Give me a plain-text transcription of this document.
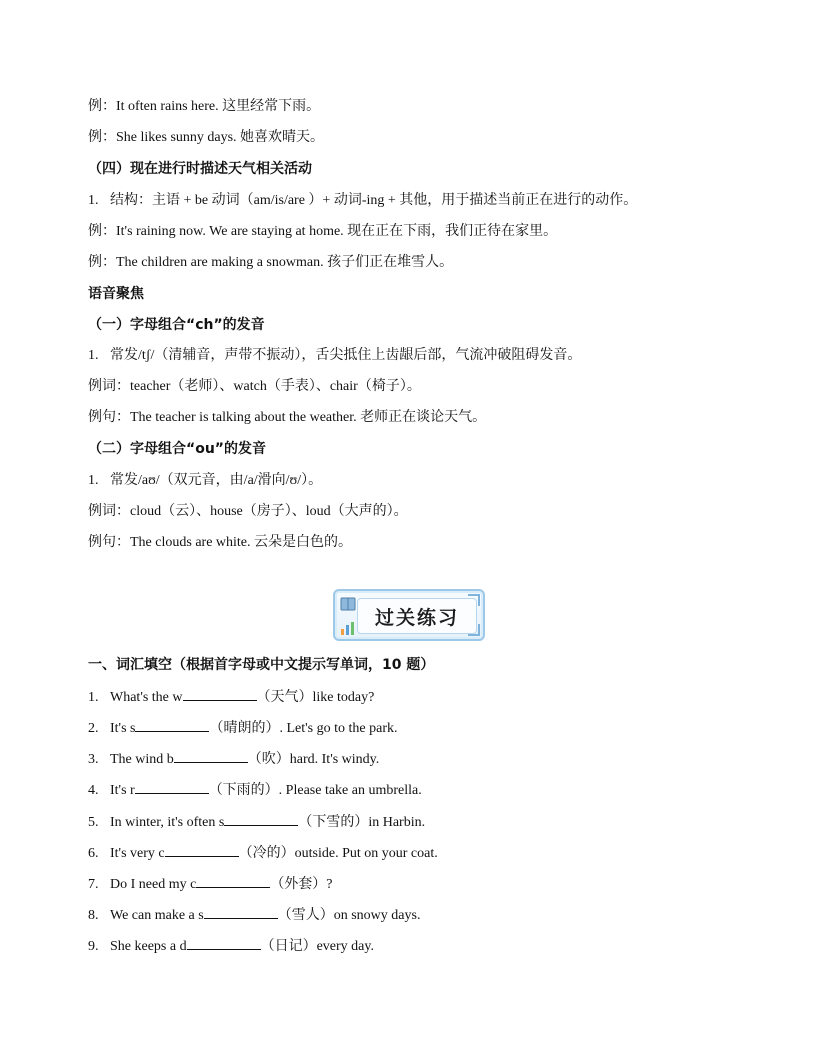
例：It often rains here. 这里经常下雨。
例：She likes sunny days. 她喜欢晴天。
（四）现在进行时描述天气相关活动
1. 结构：主语 + be 动词（am/is/are ）+ 动词-ing + 其他，用于描述当前正在进行的动作。
例：It's raining now. We are staying at home. 现在正在下雨，我们正待在家里。
例：The children are making a snowman. 孩子们正在堆雪人。
语音聚焦
（一）字母组合“ch”的发音
1. 常发/tʃ/（清辅音，声带不振动），舌尖抵住上齿龈后部，气流冲破阻碍发音。
例词：teacher（老师）、watch（手表）、chair（椅子）。
例句：The teacher is talking about the weather. 老师正在谈论天气。
（二）字母组合“ou”的发音
1. 常发/aʊ/（双元音，由/a/滑向/ʊ/）。
例词：cloud（云）、house（房子）、loud（大声的）。
例句：The clouds are white. 云朵是白色的。
过关练习
一、词汇填空（根据首字母或中文提示写单词，10 题）
1. What's the w	（天气）like today?
2. It's s	（晴朗的）. Let's go to the park.
3. The wind b	（吹）hard. It's windy.
4. It's r	（下雨的）. Please take an umbrella.
5. In winter, it's often s	（下雪的）in Harbin.
6. It's very c	（冷的）outside. Put on your coat.
7. Do I need my c	（外套）?
8. We can make a s	（雪人）on snowy days.
9. She keeps a d	（日记）every day.
